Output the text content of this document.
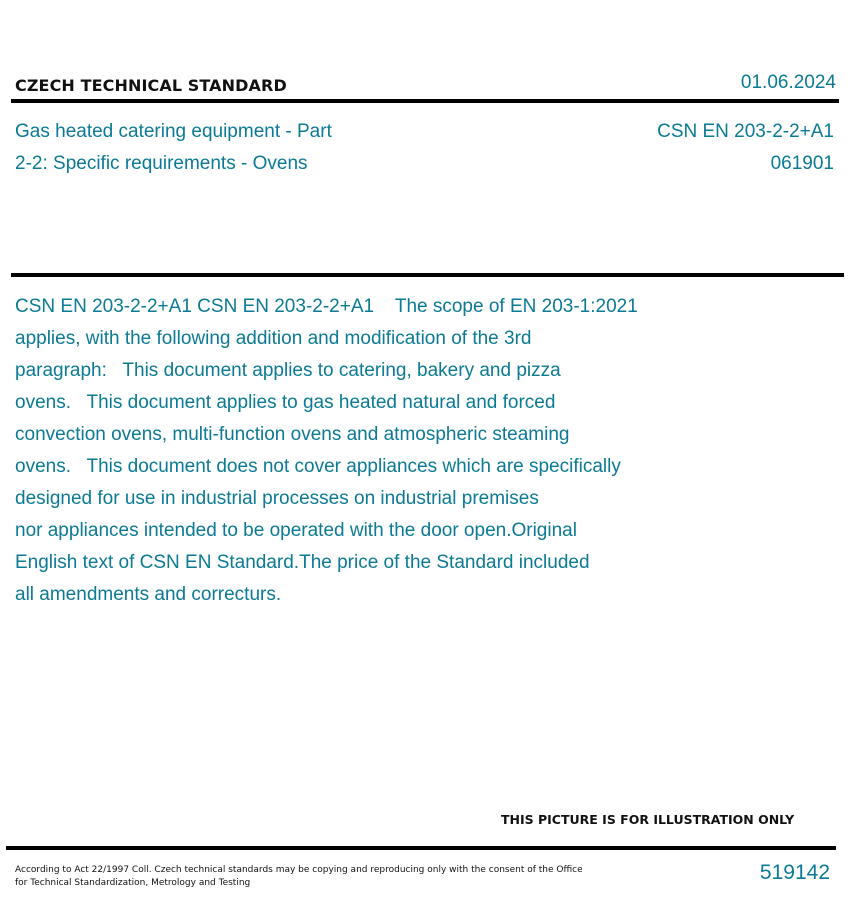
CZECH TECHNICAL STANDARD	01.06.2024
Gas heated catering equipment - Part
2-2: Specific requirements - Ovens
CSN EN 203-2-2+A1
061901
CSN EN 203-2-2+A1 CSN EN 203-2-2+A1    The scope of EN 203-1:2021
applies, with the following addition and modification of the 3rd
paragraph:   This document applies to catering, bakery and pizza
ovens.   This document applies to gas heated natural and forced
convection ovens, multi-function ovens and atmospheric steaming
ovens.   This document does not cover appliances which are specifically
designed for use in industrial processes on industrial premises
nor appliances intended to be operated with the door open.Original
English text of CSN EN Standard.The price of the Standard included
all amendments and correcturs.
THIS PICTURE IS FOR ILLUSTRATION ONLY
According to Act 22/1997 Coll. Czech technical standards may be copying and reproducing only with the consent of the Office
for Technical Standardization, Metrology and Testing	519142
